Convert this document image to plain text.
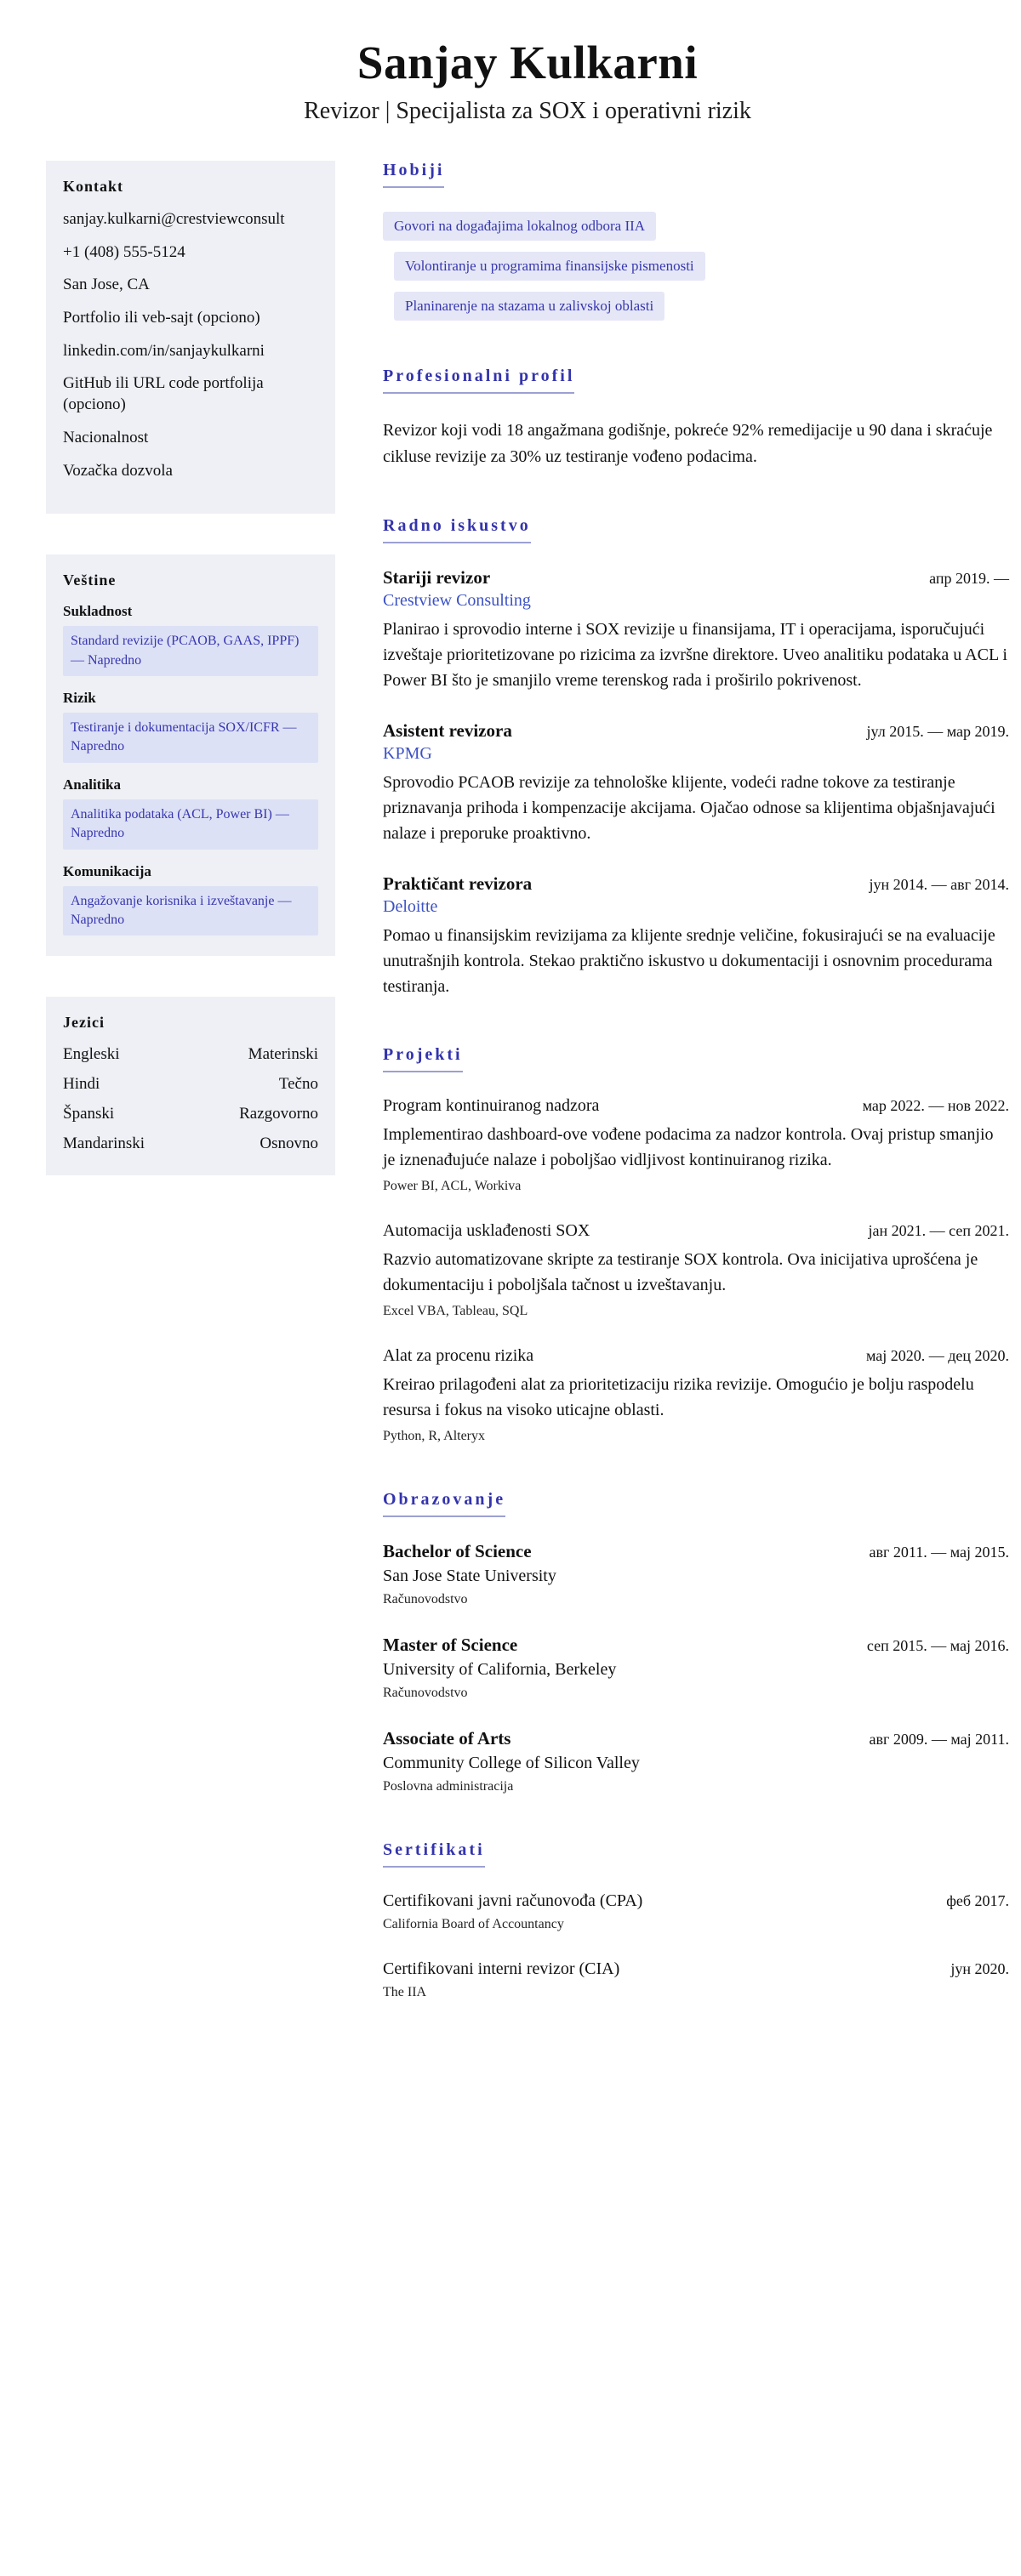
Sanjay Kulkarni
Revizor | Specijalista za SOX i operativni rizik
Kontakt
sanjay.kulkarni@crestviewconsult
+1 (408) 555-5124
San Jose, CA
Portfolio ili veb-sajt (opciono)
linkedin.com/in/sanjaykulkarni
GitHub ili URL code portfolija (opciono)
Nacionalnost
Vozačka dozvola
Veštine
Sukladnost
Standard revizije (PCAOB, GAAS, IPPF) — Napredno
Rizik
Testiranje i dokumentacija SOX/ICFR — Napredno
Analitika
Analitika podataka (ACL, Power BI) — Napredno
Komunikacija
Angažovanje korisnika i izveštavanje — Napredno
Jezici
Engleski	Materinski
Hindi	Tečno
Španski	Razgovorno
Mandarinski	Osnovno
Hobiji
Govori na događajima lokalnog odbora IIA
Volontiranje u programima finansijske pismenosti
Planinarenje na stazama u zalivskoj oblasti
Profesionalni profil

Revizor koji vodi 18 angažmana godišnje, pokreće 92% remedijacije u 90 dana i skraćuje cikluse revizije za 30% uz testiranje vođeno podacima.

Radno iskustvo
Stariji revizor	апр 2019. —
Crestview Consulting

Planirao i sprovodio interne i SOX revizije u finansijama, IT i operacijama, isporučujući izveštaje prioritetizovane po rizicima za izvršne direktore. Uveo analitiku podataka u ACL i Power BI što je smanjilo vreme terenskog rada i proširilo pokrivenost.

Asistent revizora	јул 2015. — мар 2019.
KPMG

Sprovodio PCAOB revizije za tehnološke klijente, vodeći radne tokove za testiranje priznavanja prihoda i kompenzacije akcijama. Ojačao odnose sa klijentima objašnjavajući nalaze i preporuke proaktivno.

Praktičant revizora	јун 2014. — авг 2014.
Deloitte

Pomao u finansijskim revizijama za klijente srednje veličine, fokusirajući se na evaluacije unutrašnjih kontrola. Stekao praktično iskustvo u dokumentaciji i osnovnim procedurama testiranja.

Projekti
Program kontinuiranog nadzora	мар 2022. — нов 2022.

Implementirao dashboard-ove vođene podacima za nadzor kontrola. Ovaj pristup smanjio je iznenađujuće nalaze i poboljšao vidljivost kontinuiranog rizika.

Power BI, ACL, Workiva
Automacija usklađenosti SOX	јан 2021. — сеп 2021.

Razvio automatizovane skripte za testiranje SOX kontrola. Ova inicijativa uprošćena je dokumentaciju i poboljšala tačnost u izveštavanju.

Excel VBA, Tableau, SQL
Alat za procenu rizika	мај 2020. — дец 2020.

Kreirao prilagođeni alat za prioritetizaciju rizika revizije. Omogućio je bolju raspodelu resursa i fokus na visoko uticajne oblasti.

Python, R, Alteryx
Obrazovanje
Bachelor of Science	авг 2011. — мај 2015.
San Jose State University
Računovodstvo
Master of Science	сеп 2015. — мај 2016.
University of California, Berkeley
Računovodstvo
Associate of Arts	авг 2009. — мај 2011.
Community College of Silicon Valley
Poslovna administracija
Sertifikati
Certifikovani javni računovođa (CPA)	феб 2017.
California Board of Accountancy
Certifikovani interni revizor (CIA)	јун 2020.
The IIA
